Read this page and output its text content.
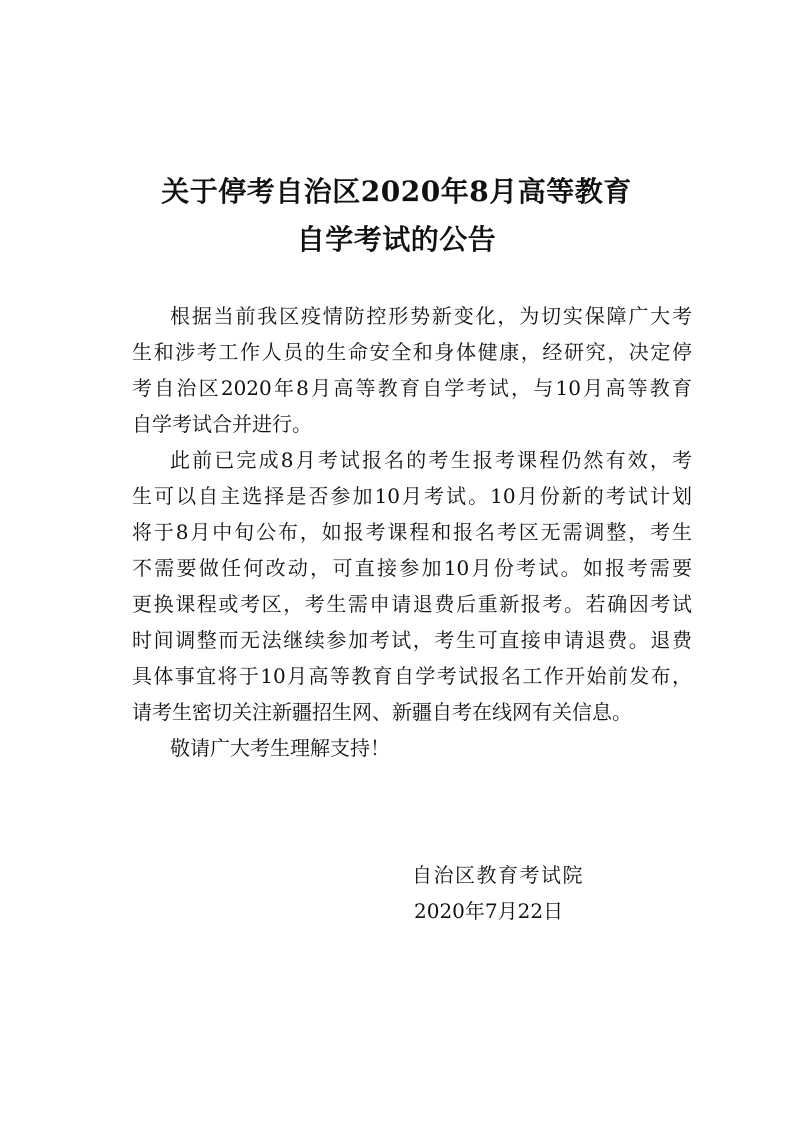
关于停考自治区2020年8月高等教育
自学考试的公告
根据当前我区疫情防控形势新变化，为切实保障广大考
生和涉考工作人员的生命安全和身体健康，经研究，决定停
考自治区2020年8月高等教育自学考试，与10月高等教育
自学考试合并进行。
此前已完成8月考试报名的考生报考课程仍然有效，考
生可以自主选择是否参加10月考试。10月份新的考试计划
将于8月中旬公布，如报考课程和报名考区无需调整，考生
不需要做任何改动，可直接参加10月份考试。如报考需要
更换课程或考区，考生需申请退费后重新报考。若确因考试
时间调整而无法继续参加考试，考生可直接申请退费。退费
具体事宜将于10月高等教育自学考试报名工作开始前发布，
请考生密切关注新疆招生网、新疆自考在线网有关信息。
敬请广大考生理解支持！
自治区教育考试院
2020年7月22日
